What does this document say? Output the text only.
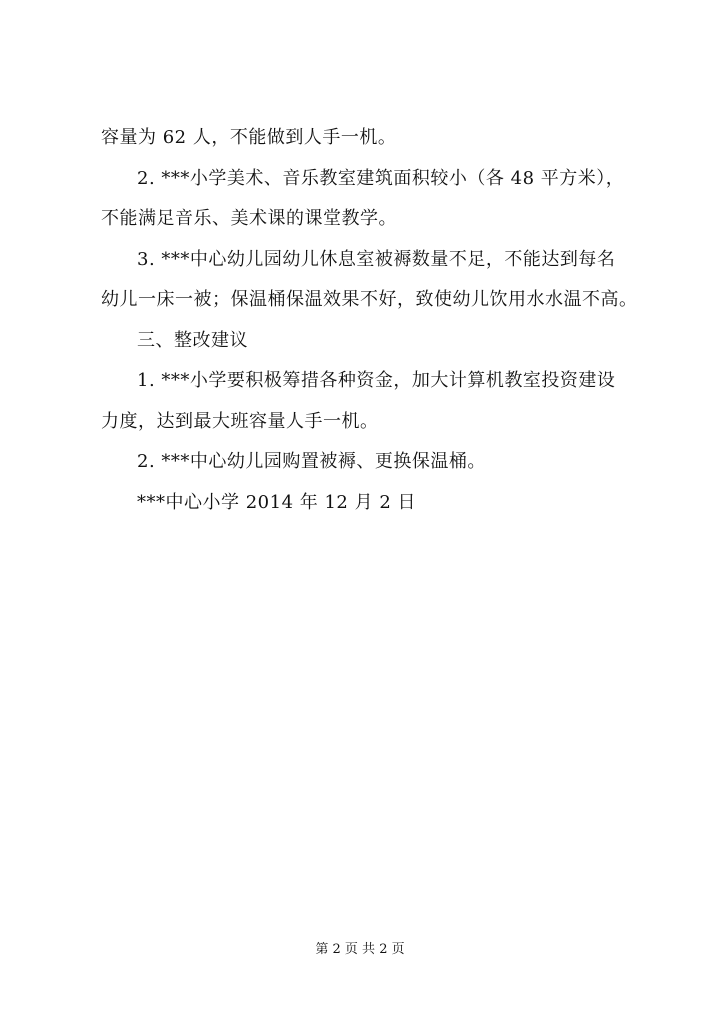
容量为 62 人，不能做到人手一机。
2. ***小学美术、音乐教室建筑面积较小（各 48 平方米），
不能满足音乐、美术课的课堂教学。
3. ***中心幼儿园幼儿休息室被褥数量不足，不能达到每名
幼儿一床一被；保温桶保温效果不好，致使幼儿饮用水水温不高。
三、整改建议
1. ***小学要积极筹措各种资金，加大计算机教室投资建设
力度，达到最大班容量人手一机。
2. ***中心幼儿园购置被褥、更换保温桶。
***中心小学 2014 年 12 月 2 日
第 2 页 共 2 页
